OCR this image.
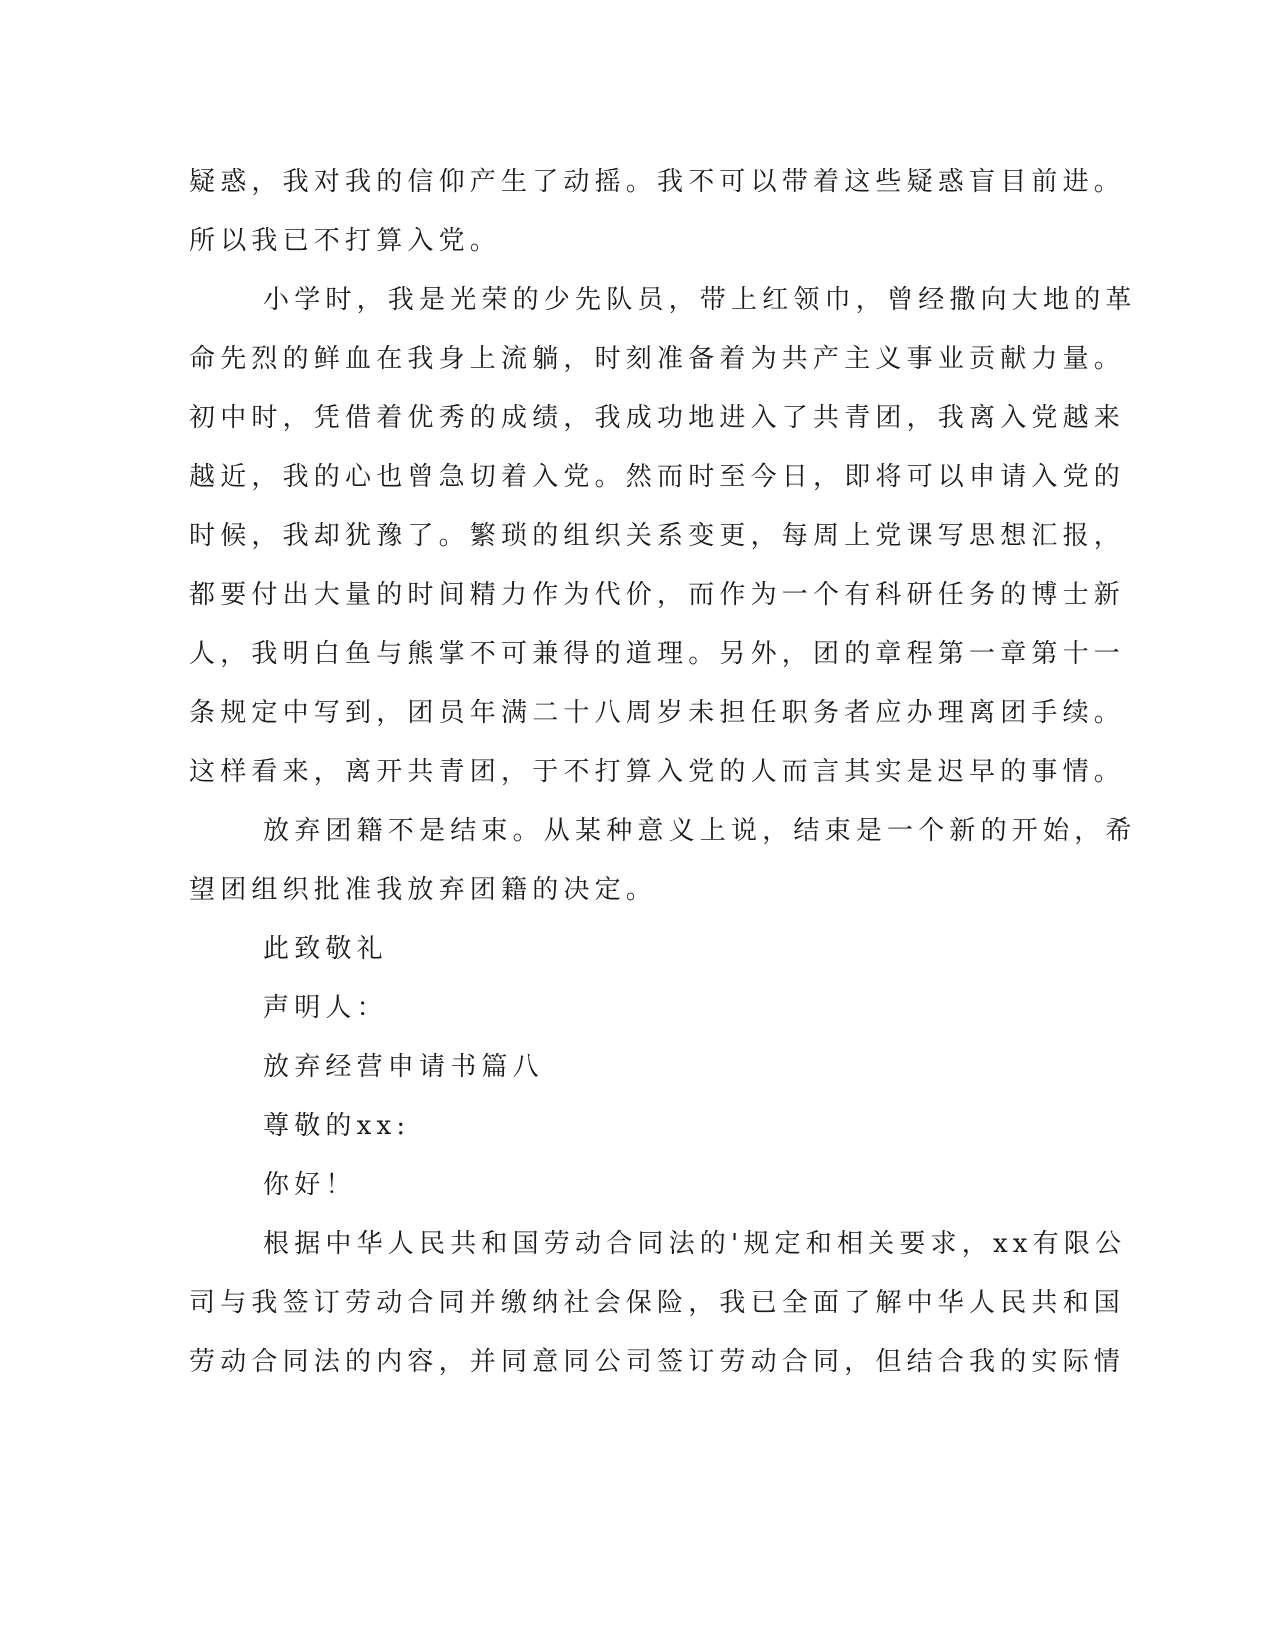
疑惑，我对我的信仰产生了动摇。我不可以带着这些疑惑盲目前进。
所以我已不打算入党。
小学时，我是光荣的少先队员，带上红领巾，曾经撒向大地的革
命先烈的鲜血在我身上流躺，时刻准备着为共产主义事业贡献力量。
初中时，凭借着优秀的成绩，我成功地进入了共青团，我离入党越来
越近，我的心也曾急切着入党。然而时至今日，即将可以申请入党的
时候，我却犹豫了。繁琐的组织关系变更，每周上党课写思想汇报，
都要付出大量的时间精力作为代价，而作为一个有科研任务的博士新
人，我明白鱼与熊掌不可兼得的道理。另外，团的章程第一章第十一
条规定中写到，团员年满二十八周岁未担任职务者应办理离团手续。
这样看来，离开共青团，于不打算入党的人而言其实是迟早的事情。
放弃团籍不是结束。从某种意义上说，结束是一个新的开始，希
望团组织批准我放弃团籍的决定。
此致敬礼
声明人：
放弃经营申请书篇八
尊敬的xx:
你好！
根据中华人民共和国劳动合同法的'规定和相关要求，xx有限公
司与我签订劳动合同并缴纳社会保险，我已全面了解中华人民共和国
劳动合同法的内容，并同意同公司签订劳动合同，但结合我的实际情
